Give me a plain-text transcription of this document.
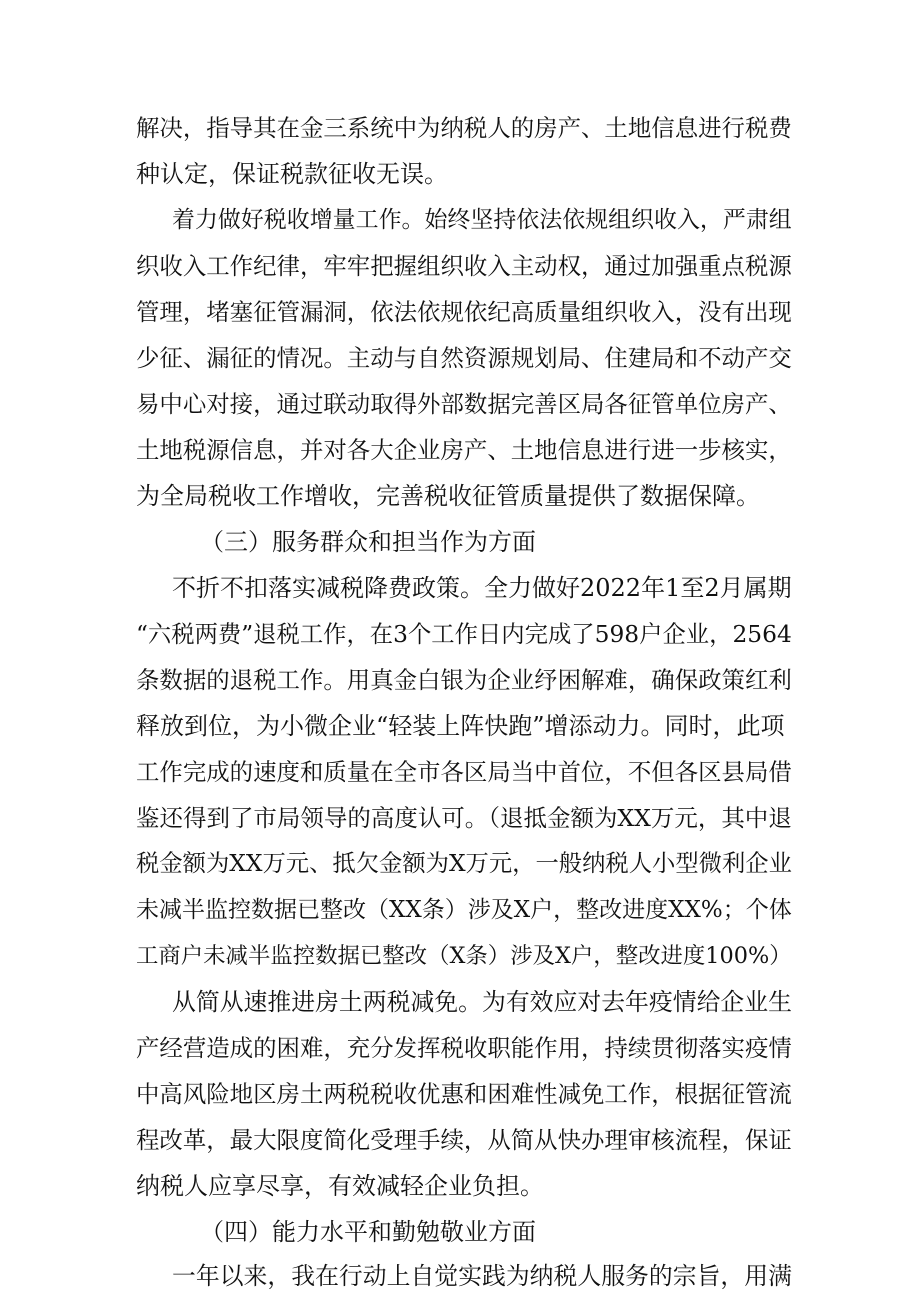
解决，指导其在金三系统中为纳税人的房产、土地信息进行税费
种认定，保证税款征收无误。
着力做好税收增量工作。始终坚持依法依规组织收入，严肃组
织收入工作纪律，牢牢把握组织收入主动权，通过加强重点税源
管理，堵塞征管漏洞，依法依规依纪高质量组织收入，没有出现
少征、漏征的情况。主动与自然资源规划局、住建局和不动产交
易中心对接，通过联动取得外部数据完善区局各征管单位房产、
土地税源信息，并对各大企业房产、土地信息进行进一步核实，
为全局税收工作增收，完善税收征管质量提供了数据保障。
（三）服务群众和担当作为方面
不折不扣落实减税降费政策。全力做好2022年1至2月属期
“六税两费”退税工作，在3个工作日内完成了598户企业，2564
条数据的退税工作。用真金白银为企业纾困解难，确保政策红利
释放到位，为小微企业“轻装上阵快跑”增添动力。同时，此项
工作完成的速度和质量在全市各区局当中首位，不但各区县局借
鉴还得到了市局领导的高度认可。（退抵金额为XX万元，其中退
税金额为XX万元、抵欠金额为X万元，一般纳税人小型微利企业
未减半监控数据已整改（XX条）涉及X户，整改进度XX%；个体
工商户未减半监控数据已整改（X条）涉及X户，整改进度100%）
从简从速推进房土两税减免。为有效应对去年疫情给企业生
产经营造成的困难，充分发挥税收职能作用，持续贯彻落实疫情
中高风险地区房土两税税收优惠和困难性减免工作，根据征管流
程改革，最大限度简化受理手续，从简从快办理审核流程，保证
纳税人应享尽享，有效减轻企业负担。
（四）能力水平和勤勉敬业方面
一年以来，我在行动上自觉实践为纳税人服务的宗旨，用满
